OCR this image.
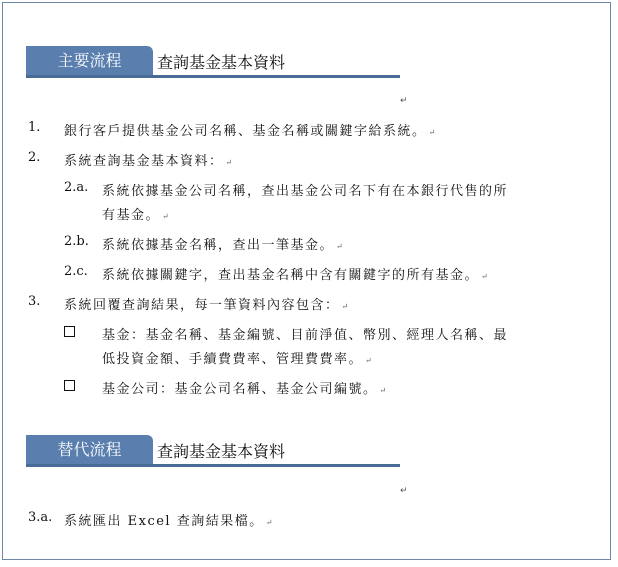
主要流程	查詢基金基本資料
↵
1. 銀行客戶提供基金公司名稱、基金名稱或關鍵字給系統。 ↵
2. 系統查詢基金基本資料： ↵
2.a. 系統依據基金公司名稱，查出基金公司名下有在本銀行代售的所
有基金。 ↵
2.b. 系統依據基金名稱，查出一筆基金。 ↵
2.c. 系統依據關鍵字，查出基金名稱中含有關鍵字的所有基金。 ↵
3. 系統回覆查詢結果，每一筆資料內容包含： ↵
基金：基金名稱、基金編號、目前淨值、幣別、經理人名稱、最
低投資金額、手續費費率、管理費費率。 ↵
基金公司：基金公司名稱、基金公司編號。 ↵
替代流程	查詢基金基本資料
↵
3.a. 系統匯出 Excel 查詢結果檔。 ↵
